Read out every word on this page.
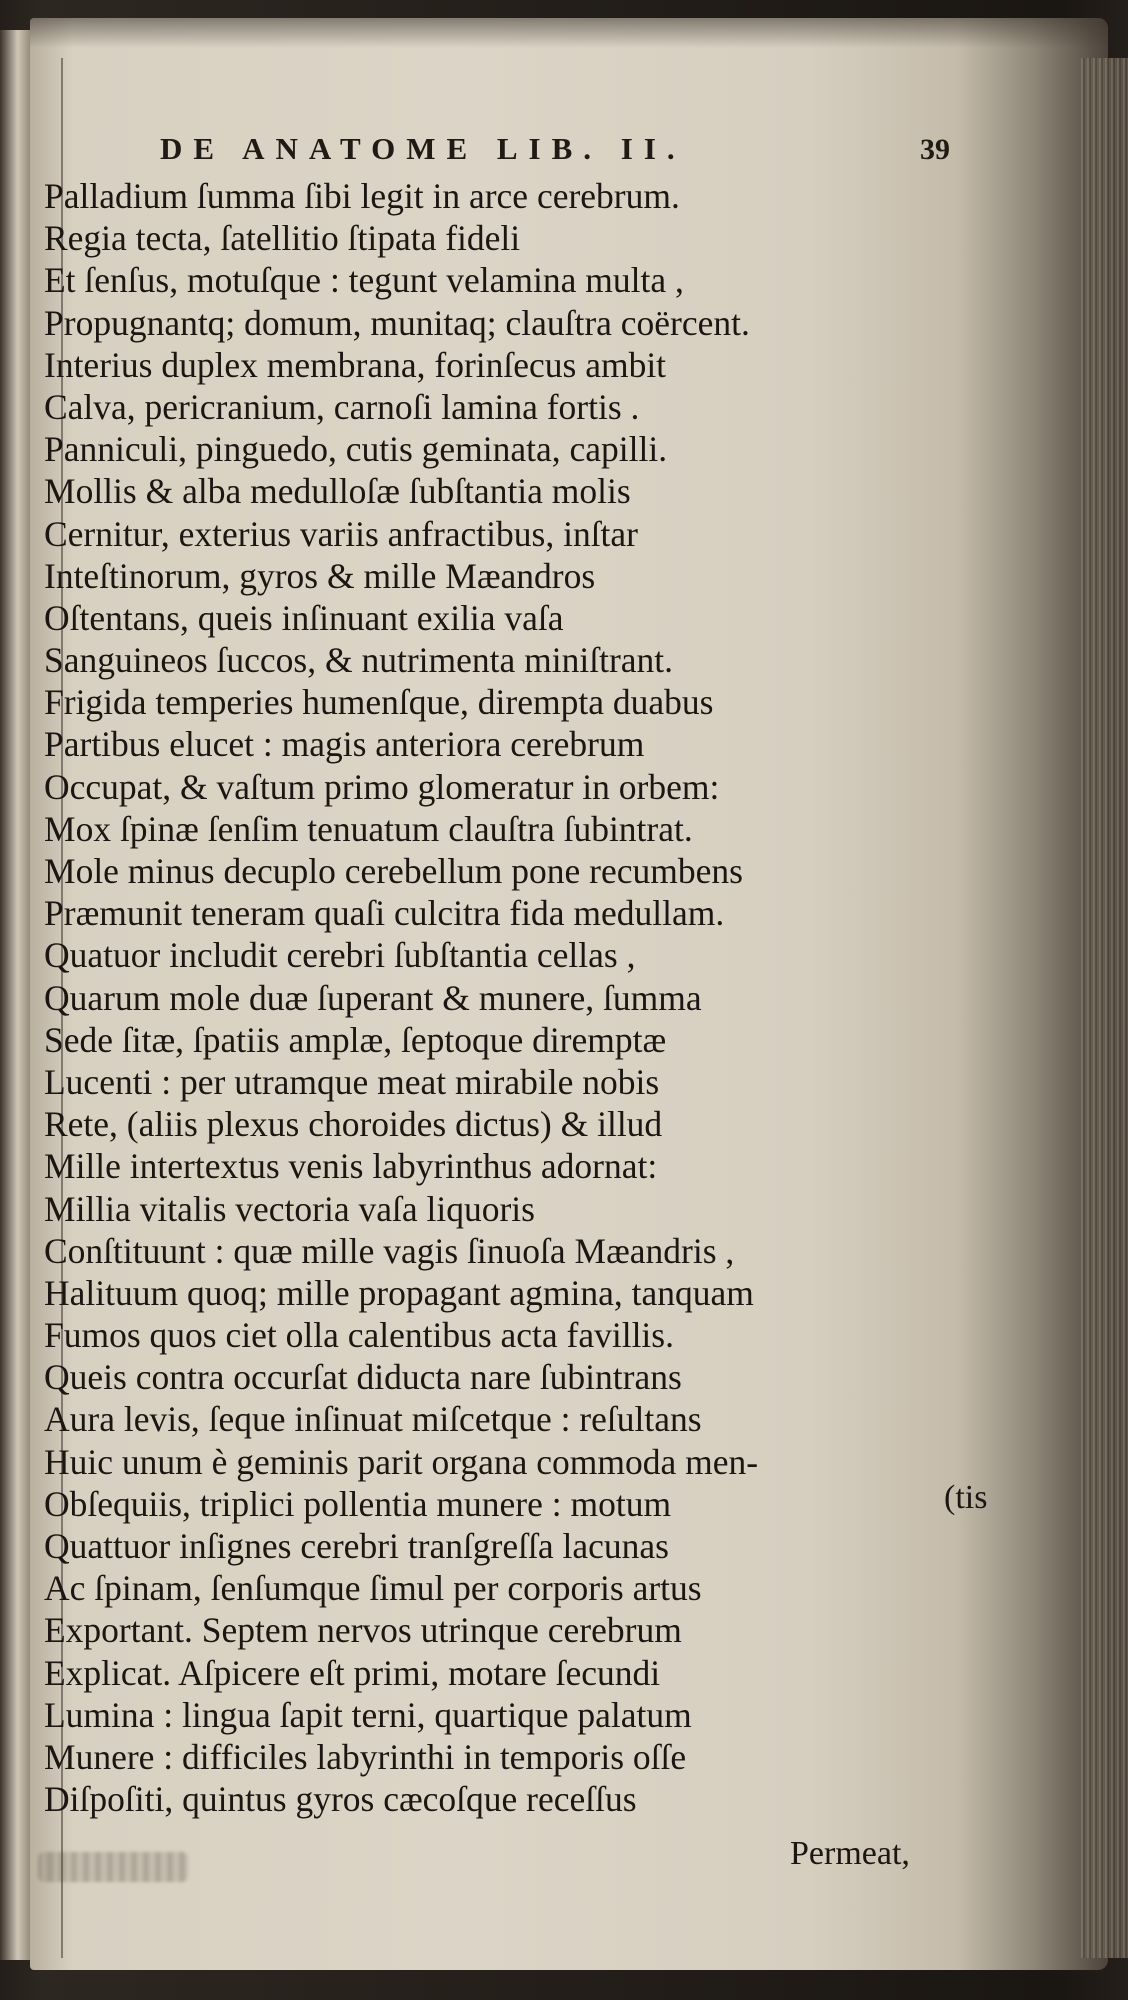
DE ANATOME LIB. II.	39
Palladium ſumma ſibi legit in arce cerebrum.
Regia tecta, ſatellitio ſtipata fideli
Et ſenſus, motuſque : tegunt velamina multa ,
Propugnantq; domum, munitaq; clauſtra coërcent.
Interius duplex membrana, forinſecus ambit
Calva, pericranium, carnoſi lamina fortis .
Panniculi, pinguedo, cutis geminata, capilli.
Mollis & alba medulloſæ ſubſtantia molis
Cernitur, exterius variis anfractibus, inſtar
Inteſtinorum, gyros & mille Mæandros
Oſtentans, queis inſinuant exilia vaſa
Sanguineos ſuccos, & nutrimenta miniſtrant.
Frigida temperies humenſque, dirempta duabus
Partibus elucet : magis anteriora cerebrum
Occupat, & vaſtum primo glomeratur in orbem:
Mox ſpinæ ſenſim tenuatum clauſtra ſubintrat.
Mole minus decuplo cerebellum pone recumbens
Præmunit teneram quaſi culcitra fida medullam.
Quatuor includit cerebri ſubſtantia cellas ,
Quarum mole duæ ſuperant & munere, ſumma
Sede ſitæ, ſpatiis amplæ, ſeptoque diremptæ
Lucenti : per utramque meat mirabile nobis
Rete, (aliis plexus choroides dictus) & illud
Mille intertextus venis labyrinthus adornat:
Millia vitalis vectoria vaſa liquoris
Conſtituunt : quæ mille vagis ſinuoſa Mæandris ,
Halituum quoq; mille propagant agmina, tanquam
Fumos quos ciet olla calentibus acta favillis.
Queis contra occurſat diducta nare ſubintrans
Aura levis, ſeque inſinuat miſcetque : reſultans
Huic unum è geminis parit organa commoda men-
Obſequiis, triplici pollentia munere : motum
Quattuor inſignes cerebri tranſgreſſa lacunas
Ac ſpinam, ſenſumque ſimul per corporis artus
Exportant. Septem nervos utrinque cerebrum
Explicat. Aſpicere eſt primi, motare ſecundi
Lumina : lingua ſapit terni, quartique palatum
Munere : difficiles labyrinthi in temporis oſſe
Diſpoſiti, quintus gyros cæcoſque receſſus
(tis
Permeat,
